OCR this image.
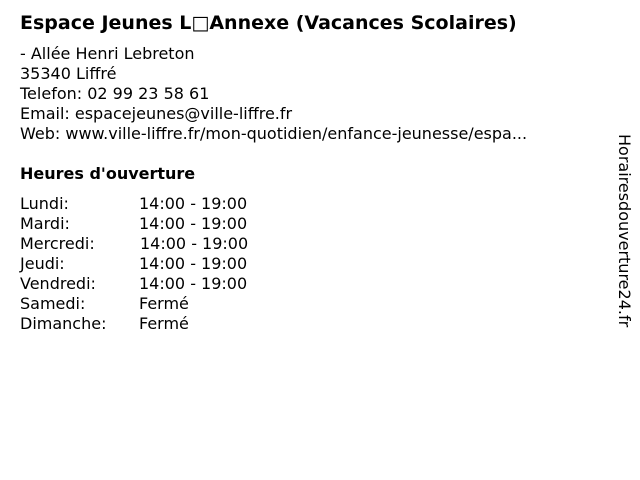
Espace Jeunes L□Annexe (Vacances Scolaires)
- Allée Henri Lebreton
35340 Liffré
Telefon: 02 99 23 58 61
Email: espacejeunes@ville-liffre.fr
Web: www.ville-liffre.fr/mon-quotidien/enfance-jeunesse/espa...
Heures d'ouverture
Lundi:	14:00 - 19:00
Mardi:	14:00 - 19:00
Mercredi:	14:00 - 19:00
Jeudi:	14:00 - 19:00
Vendredi:	14:00 - 19:00
Samedi:	Fermé
Dimanche:	Fermé	Horairesdouverture24.fr
